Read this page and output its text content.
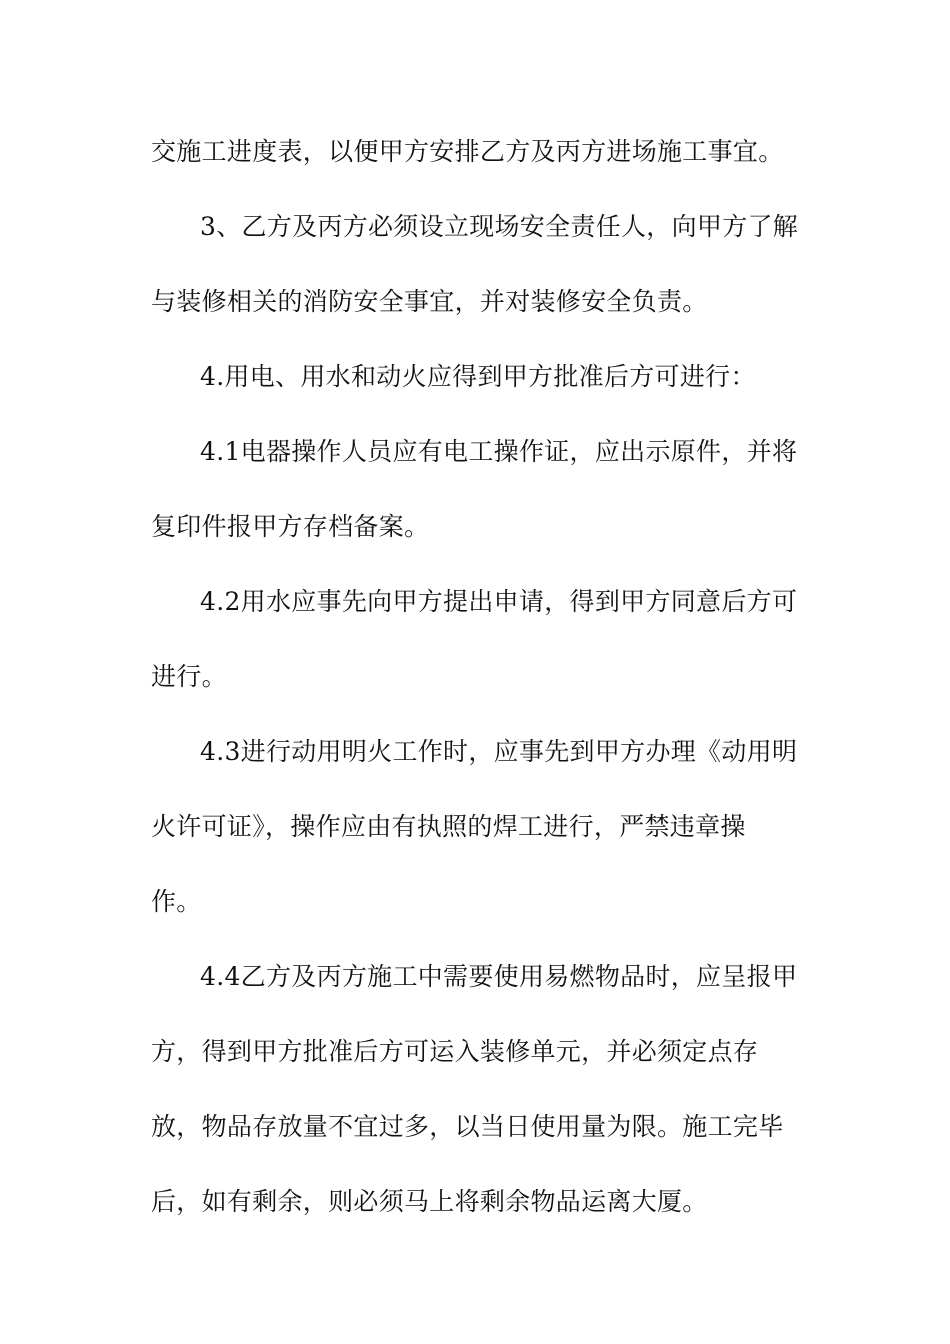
交施工进度表，以便甲方安排乙方及丙方进场施工事宜。
3、乙方及丙方必须设立现场安全责任人，向甲方了解
与装修相关的消防安全事宜，并对装修安全负责。
4.用电、用水和动火应得到甲方批准后方可进行：
4.1电器操作人员应有电工操作证，应出示原件，并将
复印件报甲方存档备案。
4.2用水应事先向甲方提出申请，得到甲方同意后方可
进行。
4.3进行动用明火工作时，应事先到甲方办理《动用明
火许可证》，操作应由有执照的焊工进行，严禁违章操
作。
4.4乙方及丙方施工中需要使用易燃物品时，应呈报甲
方，得到甲方批准后方可运入装修单元，并必须定点存
放，物品存放量不宜过多，以当日使用量为限。施工完毕
后，如有剩余，则必须马上将剩余物品运离大厦。
